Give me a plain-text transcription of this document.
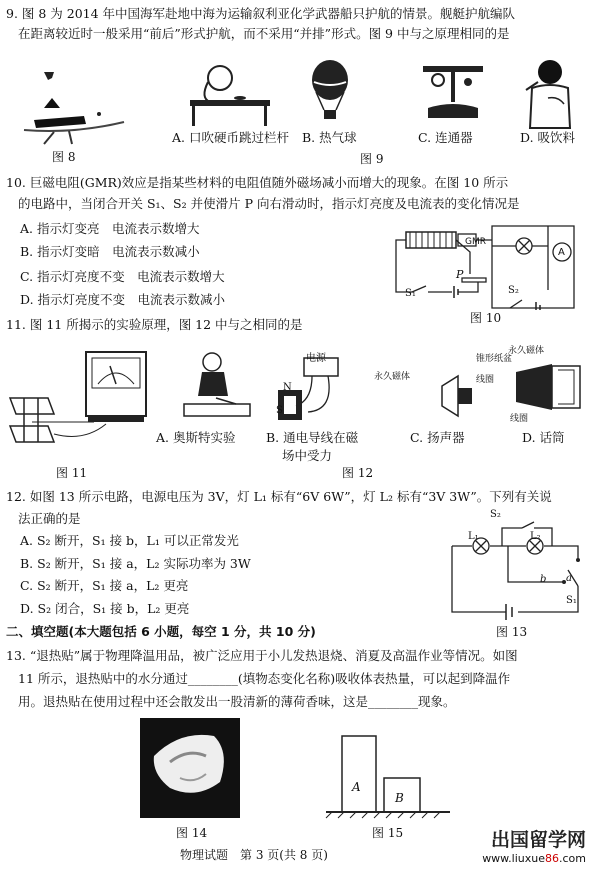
9. 图 8 为 2014 年中国海军赴地中海为运输叙利亚化学武器船只护航的情景。舰艇护航编队
在距离较近时一般采用“前后”形式护航，而不采用“并排”形式。图 9 中与之原理相同的是
图 8
A. 口吹硬币跳过栏杆 B. 热气球	C. 连通器	D. 吸饮料
图 9
10. 巨磁电阻(GMR)效应是指某些材料的电阻值随外磁场减小而增大的现象。在图 10 所示
的电路中，当闭合开关 S₁、S₂ 并使滑片 P 向右滑动时，指示灯亮度及电流表的变化情况是
A. 指示灯变亮　电流表示数增大
B. 指示灯变暗　电流表示数减小
C. 指示灯亮度不变　电流表示数增大
D. 指示灯亮度不变　电流表示数减小
GMR
A
P
S₁	S₂
图 10
11. 图 11 所揭示的实验原理，图 12 中与之相同的是
图 11
A. 奥斯特实验
电源
N
S
B. 通电导线在磁
场中受力
锥形纸盆
永久磁体	线圈
C. 扬声器
永久磁体
线圈
D. 话筒
图 12
12. 如图 13 所示电路，电源电压为 3V，灯 L₁ 标有“6V 6W”，灯 L₂ 标有“3V 3W”。下列有关说
法正确的是
A. S₂ 断开，S₁ 接 b，L₁ 可以正常发光
B. S₂ 断开，S₁ 接 a，L₂ 实际功率为 3W
C. S₂ 断开，S₁ 接 a，L₂ 更亮
D. S₂ 闭合，S₁ 接 b，L₂ 更亮
S₂
L₁	L₂
b a
S₁
图 13
二、填空题(本大题包括 6 小题，每空 1 分，共 10 分)
13. “退热贴”属于物理降温用品，被广泛应用于小儿发热退烧、消夏及高温作业等情况。如图
11 所示，退热贴中的水分通过________(填物态变化名称)吸收体表热量，可以起到降温作
用。退热贴在使用过程中还会散发出一股清新的薄荷香味，这是________现象。
图 14
A
B
图 15
物理试题　第 3 页(共 8 页)
出国留学网
www.liuxue86.com
